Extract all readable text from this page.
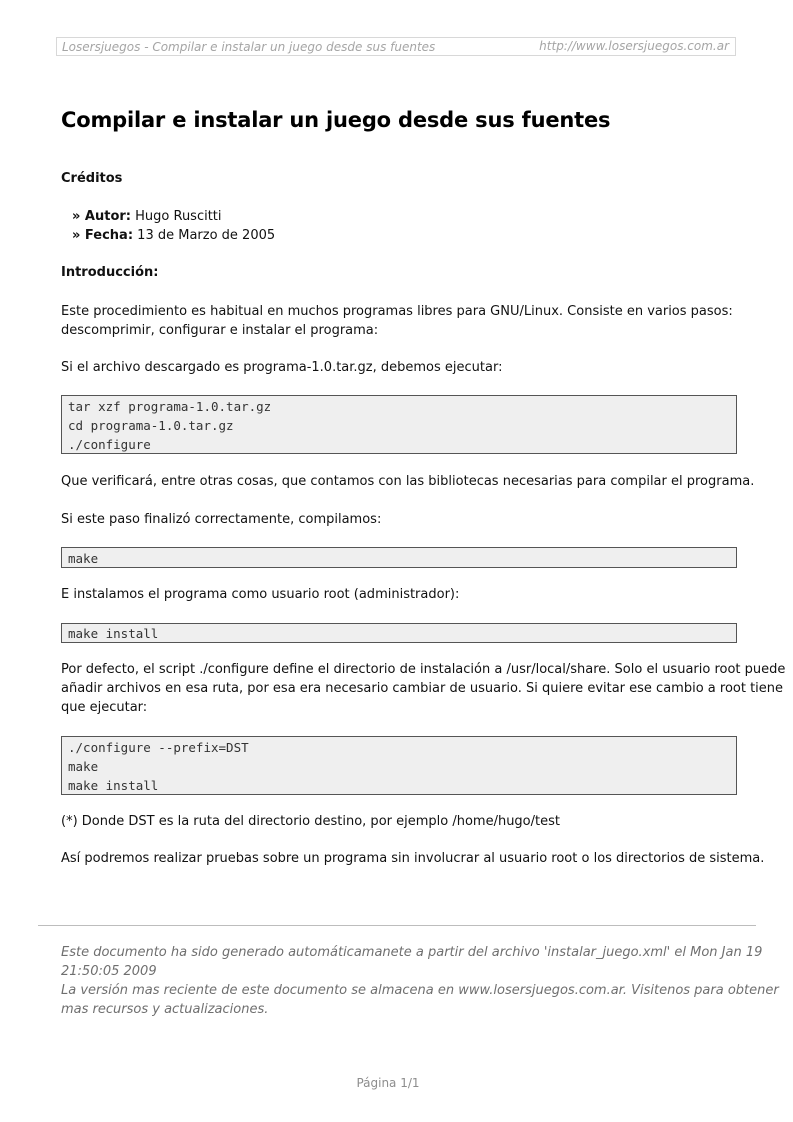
Losersjuegos - Compilar e instalar un juego desde sus fuentes	http://www.losersjuegos.com.ar
Compilar e instalar un juego desde sus fuentes
Créditos
» Autor: Hugo Ruscitti
» Fecha: 13 de Marzo de 2005
Introducción:
Este procedimiento es habitual en muchos programas libres para GNU/Linux. Consiste en varios pasos:
descomprimir, configurar e instalar el programa:
Si el archivo descargado es programa-1.0.tar.gz, debemos ejecutar:
tar xzf programa-1.0.tar.gz
cd programa-1.0.tar.gz
./configure
Que verificará, entre otras cosas, que contamos con las bibliotecas necesarias para compilar el programa.
Si este paso finalizó correctamente, compilamos:
make
E instalamos el programa como usuario root (administrador):
make install
Por defecto, el script ./configure define el directorio de instalación a /usr/local/share. Solo el usuario root puede
añadir archivos en esa ruta, por esa era necesario cambiar de usuario. Si quiere evitar ese cambio a root tiene
que ejecutar:
./configure --prefix=DST
make
make install
(*) Donde DST es la ruta del directorio destino, por ejemplo /home/hugo/test
Así podremos realizar pruebas sobre un programa sin involucrar al usuario root o los directorios de sistema.
Este documento ha sido generado automáticamanete a partir del archivo 'instalar_juego.xml' el Mon Jan 19
21:50:05 2009
La versión mas reciente de este documento se almacena en www.losersjuegos.com.ar. Visitenos para obtener
mas recursos y actualizaciones.
Página 1/1
